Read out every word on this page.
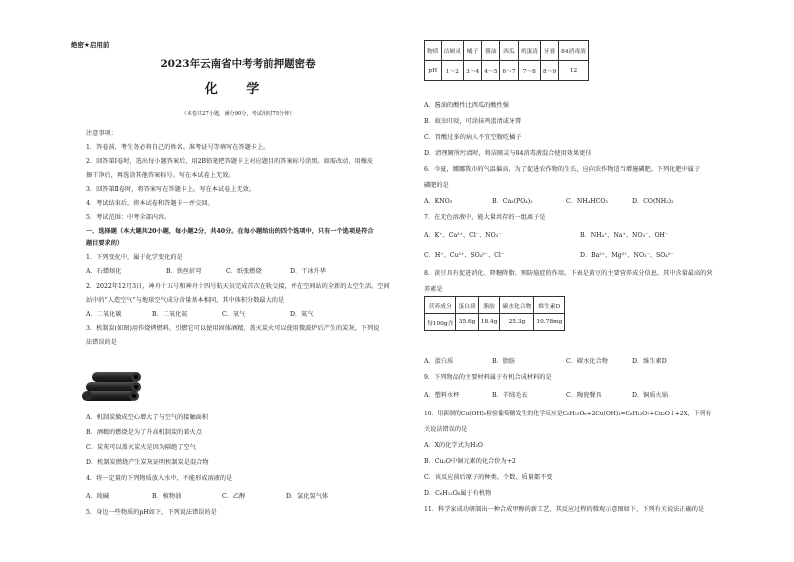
绝密★启用前
2023年云南省中考考前押题密卷
化 学
（本卷共27小题，满分90分，考试用时75分钟）
注意事项：
1．答卷前，考生务必将自己的姓名、准考证号等填写在答题卡上。
2．回答第Ⅰ卷时，选出每小题答案后，用2B铅笔把答题卡上对应题目的答案标号涂黑。如需改动，用橡皮
擦干净后，再选涂其他答案标号。写在本试卷上无效。
3．回答第Ⅱ卷时，将答案写在答题卡上。写在本试卷上无效。
4．考试结束后，将本试卷和答题卡一并交回。
5．考试范围：中考全部内容。
一、选择题（本大题共20小题，每小题2分，共40分。在每小题给出的四个选项中，只有一个选项是符合
题目要求的）
1．下列变化中，属于化学变化的是
A．石蜡熔化	B．铁丝折弯	C．纸张燃烧	D．干冰升华
2．2022年12月3日，神舟十五号和神舟十四号航天员完成首次在轨交接，并在空间站的全新的太空生活。空间
站中的“人造空气”与地球空气成分含量基本相同，其中体积分数最大的是
A．二氧化碳	B．二氧化氮	C．氧气	D．氮气
3．机制炭(如图)用作烧烤燃料，引燃它可以使用固体酒精，盖灭炭火可以使用微波炉后产生的炭灰。下列说
法错误的是
A．机制炭做成空心增大了与空气的接触面积
B．酒精的燃烧是为了升高机制炭的着火点
C．炭灰可以盖灭炭火是因为隔绝了空气
D．机制炭燃烧产生炭灰证明机制炭是混合物
4．将一定量的下列物质放入水中，不能形成溶液的是
A．纯碱	B．植物油	C．乙醇	D．氯化氢气体
5．身边一些物质的pH如下，下列说法错误的是
物质	洁厕灵	橘子	酱油	西瓜	鸡蛋清	牙膏	84消毒液
pH	1～2	3～4	4～5	6～7	7～8	8～9	12
A．酱油的酸性比西瓜的酸性强
B．蚊虫叮咬，可涂抹鸡蛋清或牙膏
C．胃酸过多的病人不宜空腹吃橘子
D．清理厕所污渍时，将洁厕灵与84消毒液混合使用效果更佳
6．今夏，娜娜我市的气温偏高，为了促进农作物的生长，应向农作物适当增施磷肥。下列化肥中属于
磷肥的是
A．KNO₃	B．Ca₃(PO₄)₂	C．NH₄HCO₃	D．CO(NH₂)₂
7．在无色溶液中，能大量共存的一组离子是
A．K⁺、Ca²⁺、Cl⁻、NO₃⁻	B．NH₄⁺、Na⁺、NO₃⁻、OH⁻
C．H⁺、Cu²⁺、SO₄²⁻、Cl⁻	D．Ba²⁺、Mg²⁺、NO₃⁻、SO₄²⁻
8．黄豆具有促进消化、降糖降脂、预防癌症的作用。下表是黄豆的主要营养成分信息，其中含量最高的营
养素是
营养成分	蛋白质	脂肪	碳水化合物	维生素D
每100g含	35.6g	18.4g	25.3g	10.78mg
A．蛋白质	B．脂肪	C．碳水化合物	D．维生素D
9．下列物品的主要材料属于有机合成材料的是
A．塑料水杯	B．羊绒毛衣	C．陶瓷餐具	D．铜质火锅
10．用新制的Cu(OH)₂检验葡萄糖发生的化学反应是C₆H₁₂O₆+2Cu(OH)₂=C₆H₁₂O₇+Cu₂O↓+2X，下列有
关说法错误的是
A．X的化学式为H₂O
B．Cu₂O中铜元素的化合价为+2
C．该反应前后原子的种类、个数、质量都不变
D．C₆H₁₂O₆属于有机物
11．科学家成功研制出一种合成甲醇的新工艺，其反应过程的微观示意图如下，下列有关说法正确的是
